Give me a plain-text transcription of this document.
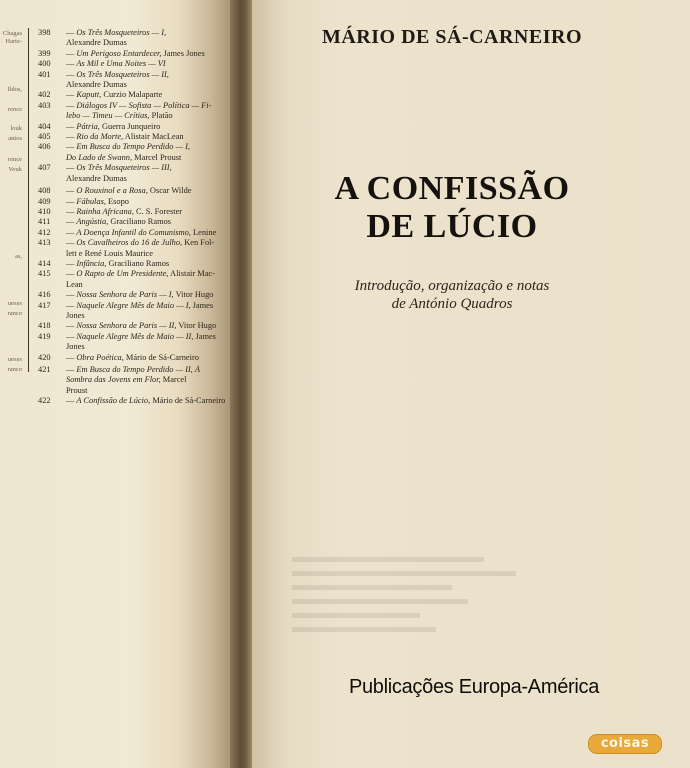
Chagas
Harte-
Ildos,
rence
louk
antos
rence
Vouk
as,
ueses
ranco
ueses
ranco
398	— Os Três Mosqueteiros — I,
Alexandre Dumas
399	— Um Perigoso Entardecer, James Jones
400	— As Mil e Uma Noites — VI
401	— Os Três Mosqueteiros — II,
Alexandre Dumas
402	— Kaputt, Curzio Malaparte
403	— Diálogos IV — Sofista — Política — Fi-
lebo — Timeu — Crítias, Platão
404	— Pátria, Guerra Junqueiro
405	— Rio da Morte, Alistair MacLean
406	— Em Busca do Tempo Perdido — I,
Do Lado de Swann, Marcel Proust
407	— Os Três Mosqueteiros — III,
Alexandre Dumas
408	— O Rouxinol e a Rosa, Oscar Wilde
409	— Fábulas, Esopo
410	— Rainha Africana, C. S. Forester
411	— Angústia, Graciliano Ramos
412	— A Doença Infantil do Comunismo, Lenine
413	— Os Cavalheiros do 16 de Julho, Ken Fol-
lett e René Louis Maurice
414	— Infância, Graciliano Ramos
415	— O Rapto de Um Presidente, Alistair Mac-
Lean
416	— Nossa Senhora de Paris — I, Vitor Hugo
417	— Naquele Alegre Mês de Maio — I, James
Jones
418	— Nossa Senhora de Paris — II, Vitor Hugo
419	— Naquele Alegre Mês de Maio — II, James
Jones
420	— Obra Poética, Mário de Sá-Carneiro
421	— Em Busca do Tempo Perdido — II, À
Sombra das Jovens em Flor, Marcel
Proust
422	— A Confissão de Lúcio, Mário de Sá-Carneiro
MÁRIO DE SÁ-CARNEIRO
A CONFISSÃO
DE LÚCIO
Introdução, organização e notas
de António Quadros
Publicações Europa-América
coisas
